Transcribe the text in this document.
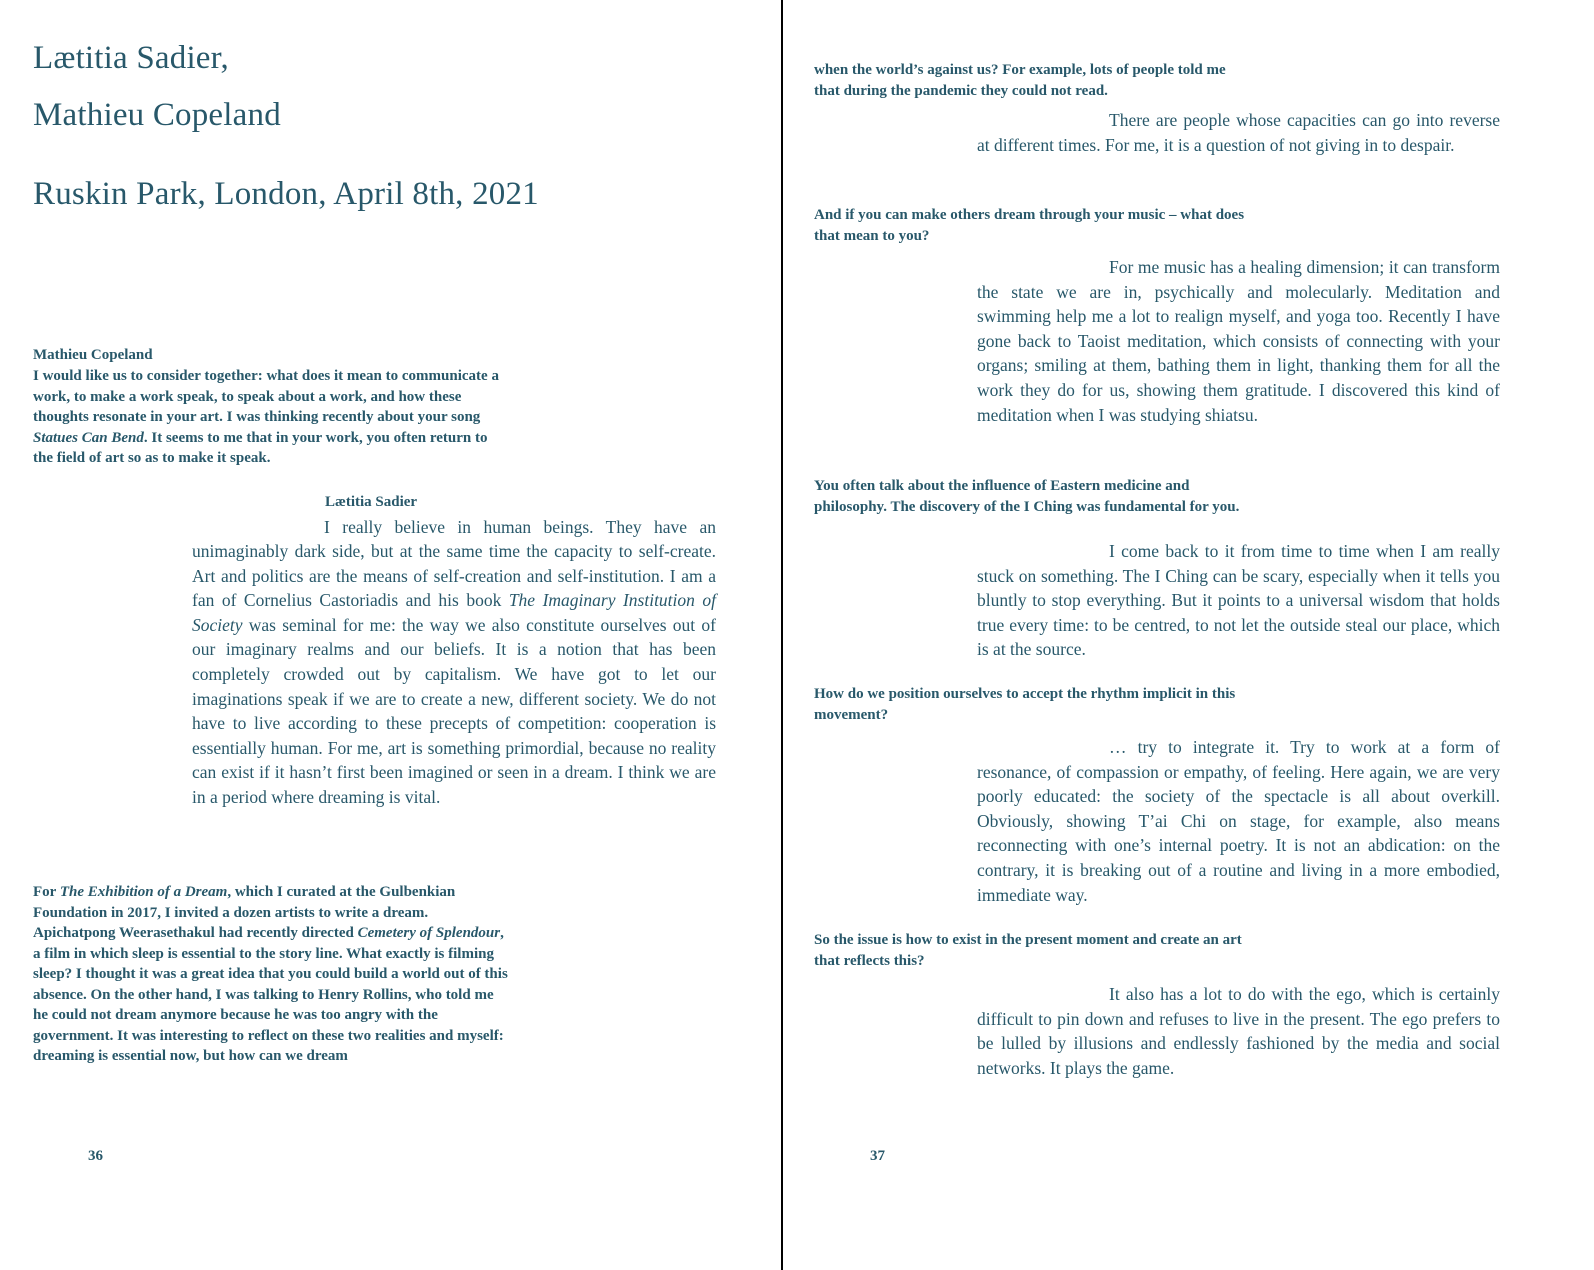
Lætitia Sadier,
Mathieu Copeland
Ruskin Park, London, April 8th, 2021
Mathieu Copeland
I would like us to consider together: what does it mean to communicate a work, to make a work speak, to speak about a work, and how these thoughts resonate in your art. I was thinking recently about your song Statues Can Bend. It seems to me that in your work, you often return to the field of art so as to make it speak.
Lætitia Sadier

I really believe in human beings. They have an unimaginably dark side, but at the same time the capacity to self-create. Art and politics are the means of self-creation and self-institution. I am a fan of Cornelius Castoriadis and his book The Imaginary Institution of Society was seminal for me: the way we also constitute ourselves out of our imaginary realms and our beliefs. It is a notion that has been completely crowded out by capitalism. We have got to let our imaginations speak if we are to create a new, different society. We do not have to live according to these precepts of competition: cooperation is essentially human. For me, art is something primordial, because no reality can exist if it hasn’t first been imagined or seen in a dream. I think we are in a period where dreaming is vital.

For The Exhibition of a Dream, which I curated at the Gulbenkian Foundation in 2017, I invited a dozen artists to write a dream. Apichatpong Weerasethakul had recently directed Cemetery of Splendour, a film in which sleep is essential to the story line. What exactly is filming sleep? I thought it was a great idea that you could build a world out of this absence. On the other hand, I was talking to Henry Rollins, who told me he could not dream anymore because he was too angry with the government. It was interesting to reflect on these two realities and myself: dreaming is essential now, but how can we dream
36
when the world’s against us? For example, lots of people told me that during the pandemic they could not read.

There are people whose capacities can go into reverse at different times. For me, it is a question of not giving in to despair.

And if you can make others dream through your music – what does that mean to you?

For me music has a healing dimension; it can transform the state we are in, psychically and molecularly. Meditation and swimming help me a lot to realign myself, and yoga too. Recently I have gone back to Taoist meditation, which consists of connecting with your organs; smiling at them, bathing them in light, thanking them for all the work they do for us, showing them gratitude. I discovered this kind of meditation when I was studying shiatsu.

You often talk about the influence of Eastern medicine and philosophy. The discovery of the I Ching was fundamental for you.

I come back to it from time to time when I am really stuck on something. The I Ching can be scary, especially when it tells you bluntly to stop everything. But it points to a universal wisdom that holds true every time: to be centred, to not let the outside steal our place, which is at the source.

How do we position ourselves to accept the rhythm implicit in this movement?

… try to integrate it. Try to work at a form of resonance, of compassion or empathy, of feeling. Here again, we are very poorly educated: the society of the spectacle is all about overkill. Obviously, showing T’ai Chi on stage, for example, also means reconnecting with one’s internal poetry. It is not an abdication: on the contrary, it is breaking out of a routine and living in a more embodied, immediate way.

So the issue is how to exist in the present moment and create an art that reflects this?

It also has a lot to do with the ego, which is certainly difficult to pin down and refuses to live in the present. The ego prefers to be lulled by illusions and endlessly fashioned by the media and social networks. It plays the game.

37
